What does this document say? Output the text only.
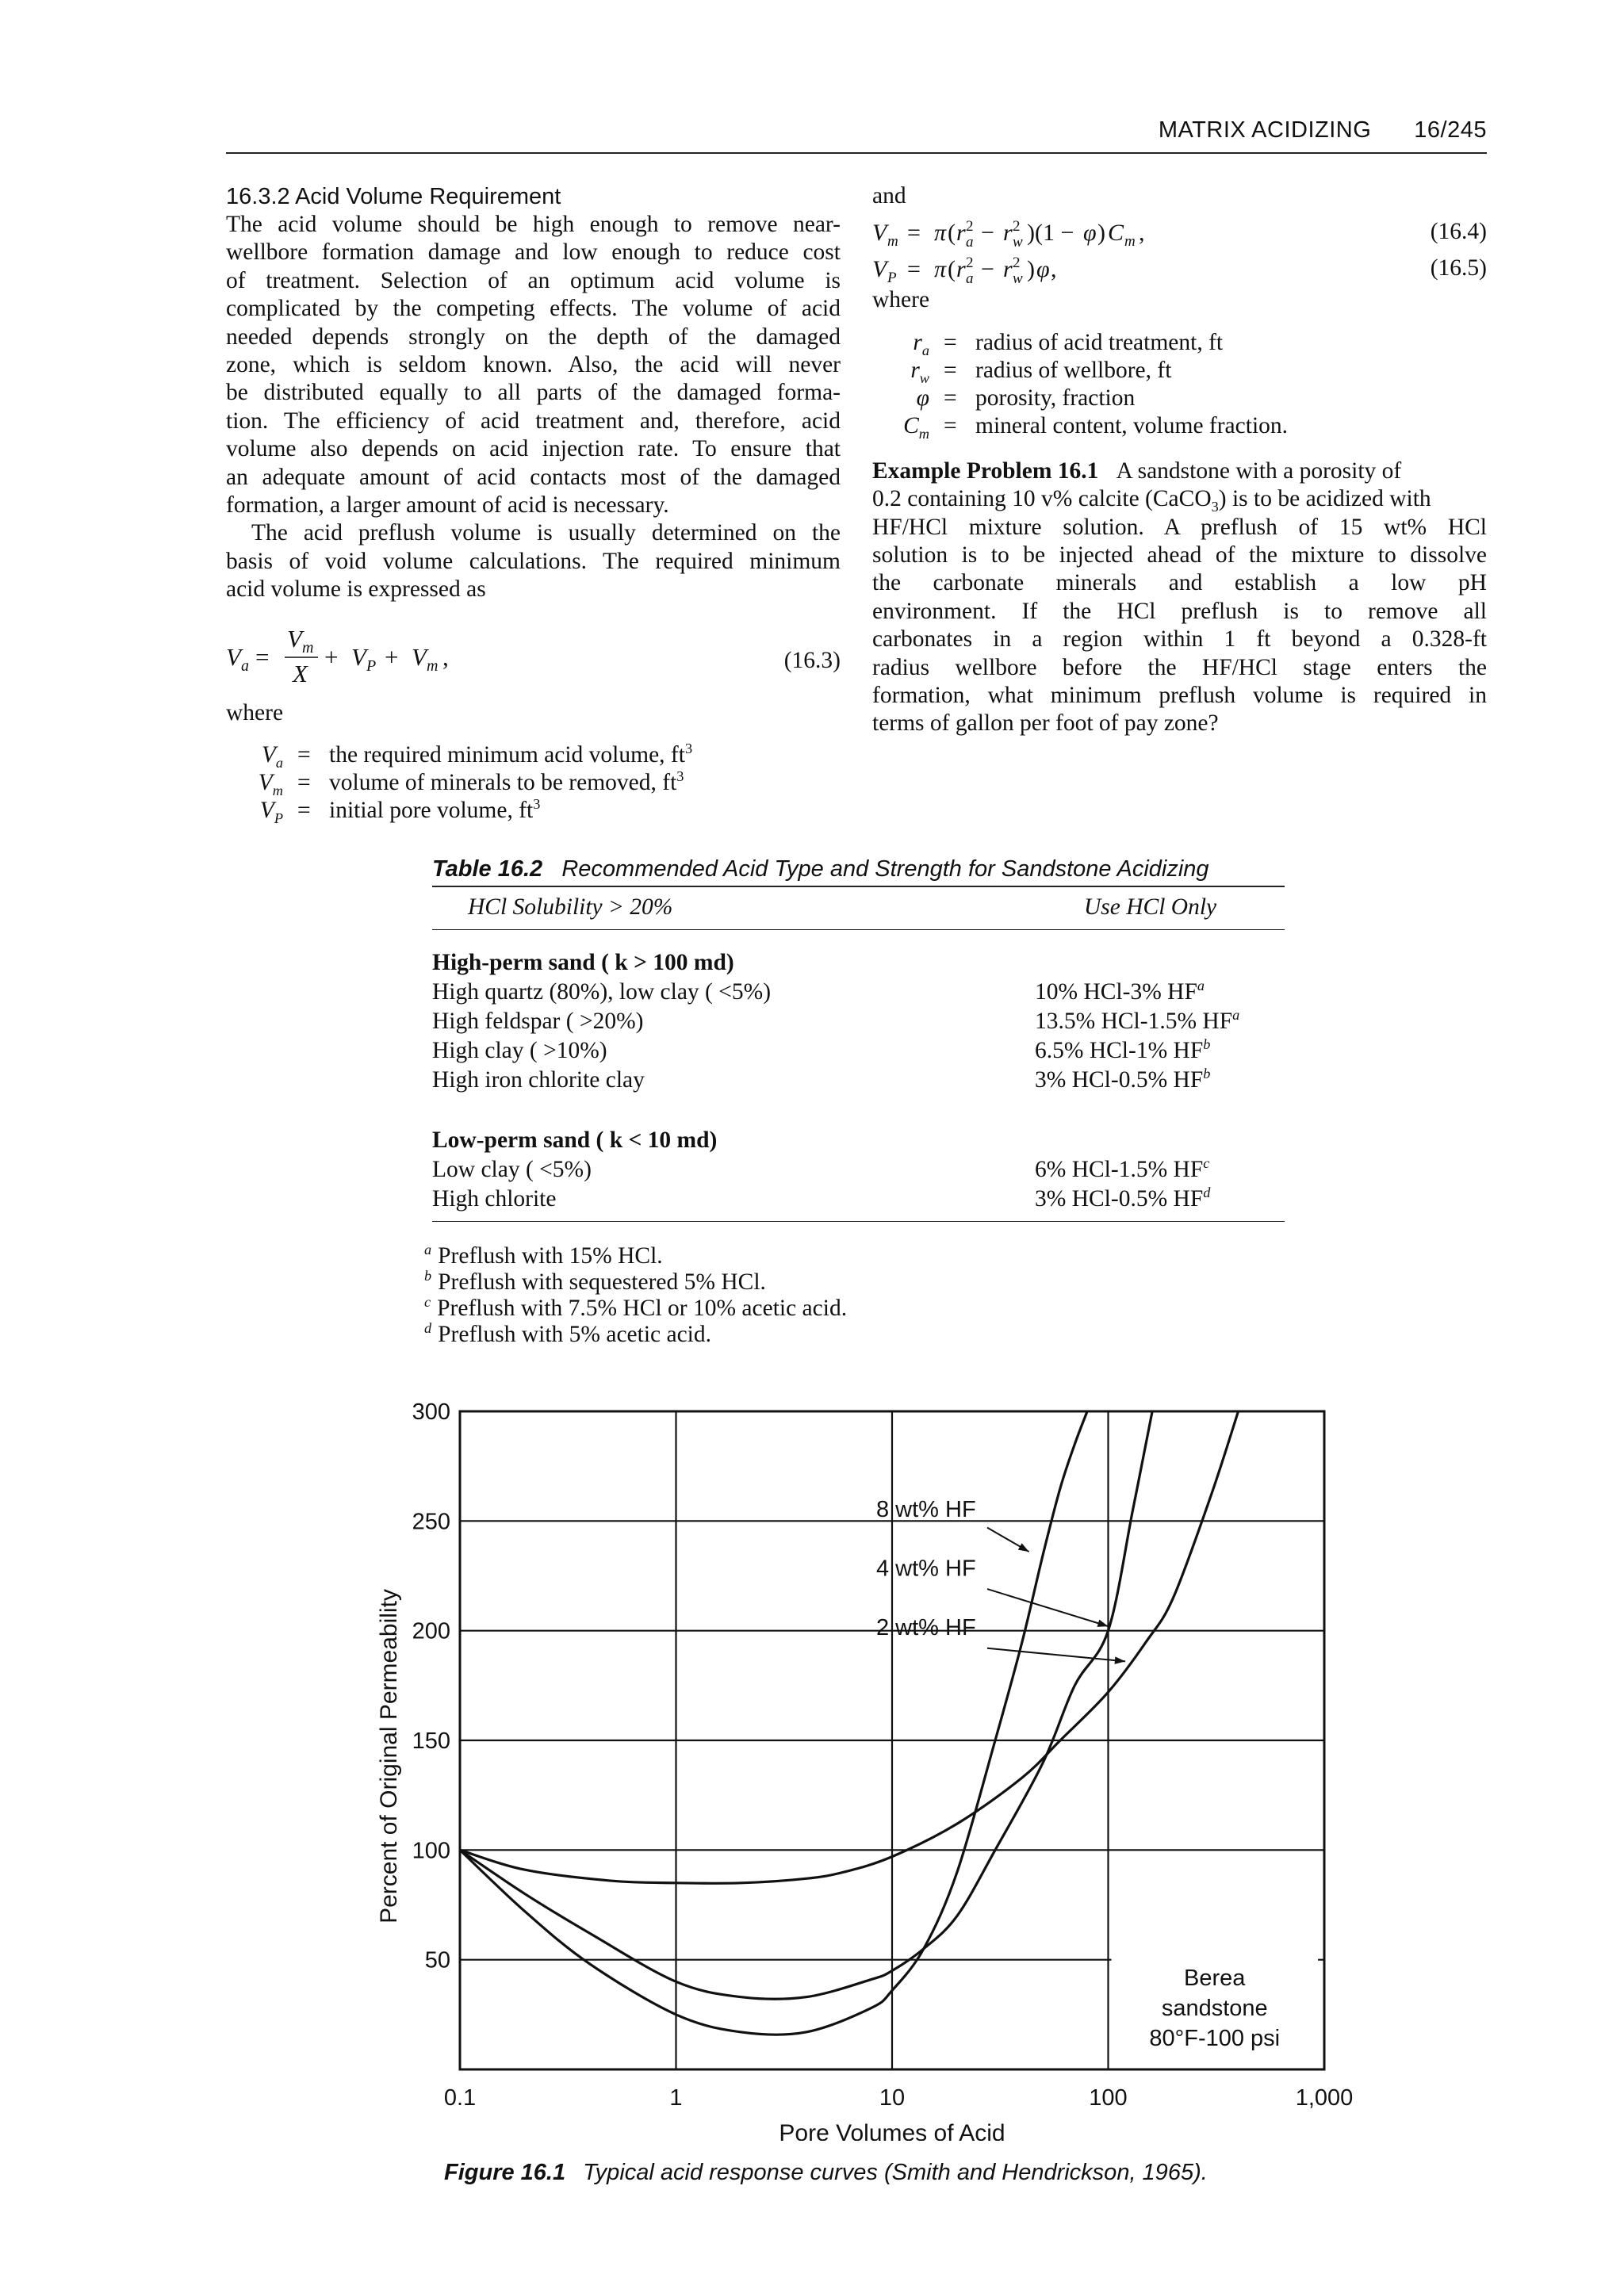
MATRIX ACIDIZING 16/245
16.3.2 Acid Volume Requirement
The acid volume should be high enough to remove near-
wellbore formation damage and low enough to reduce cost
of treatment. Selection of an optimum acid volume is
complicated by the competing effects. The volume of acid
needed depends strongly on the depth of the damaged
zone, which is seldom known. Also, the acid will never
be distributed equally to all parts of the damaged forma-
tion. The efficiency of acid treatment and, therefore, acid
volume also depends on acid injection rate. To ensure that
an adequate amount of acid contacts most of the damaged
formation, a larger amount of acid is necessary.
The acid preflush volume is usually determined on the
basis of void volume calculations. The required minimum
acid volume is expressed as
V a =
V m
X
+ V P + V m ,	(16.3)

where

$V_a$ = the required minimum acid volume, $ft^3$
$V_m$ = volume of minerals to be removed, $ft^3$
$V_P$ = initial pore volume, $ft^3$

and

V m = π ( r 2
a − r 2
w )(1 − φ ) C m ,	(16.4)
V P = π ( r 2
a − r 2
w ) φ ,	(16.5)

where

$r_a$ = radius of acid treatment, ft
$r_w$ = radius of wellbore, ft
φ = porosity, fraction
$C_m$ = mineral content, volume fraction.

Example Problem 16.1 A sandstone with a porosity of

0.2 containing 10 v% calcite (CaCO$_3$) is to be acidized with

HF/HCl mixture solution. A preflush of 15 wt% HCl
solution is to be injected ahead of the mixture to dissolve
the carbonate minerals and establish a low pH
environment. If the HCl preflush is to remove all
carbonates in a region within 1 ft beyond a 0.328-ft
radius wellbore before the HF/HCl stage enters the
formation, what minimum preflush volume is required in
terms of gallon per foot of pay zone?
Table 16.2 Recommended Acid Type and Strength for Sandstone Acidizing
HCl Solubility > 20%	Use HCl Only
High-perm sand ( k > 100 md)
High quartz (80%), low clay ( <5%)	10% HCl-3% $HF^a$
High feldspar ( >20%)	13.5% HCl-1.5% $HF^a$
High clay ( >10%)	6.5% HCl-1% $HF^b$
High iron chlorite clay	3% HCl-0.5% $HF^b$
Low-perm sand ( k < 10 md)
Low clay ( <5%)	6% HCl-1.5% $HF^c$
High chlorite	3% HCl-0.5% $HF^d$
$^a$ Preflush with 15% HCl.
$^b$ Preflush with sequestered 5% HCl.
$^c$ Preflush with 7.5% HCl or 10% acetic acid.
$^d$ Preflush with 5% acetic acid.
50
100
150
200
250
300
0.1	1	10	100	1,000
Pore Volumes of Acid
Percent of Original Permeability
8 wt% HF
4 wt% HF
2 wt% HF
Berea
sandstone
80°F-100 psi
Figure 16.1 Typical acid response curves (Smith and Hendrickson, 1965).
